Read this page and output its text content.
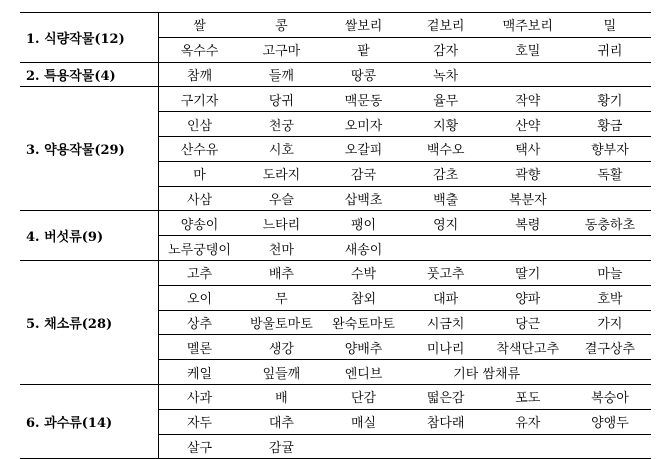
1. 식량작물(12)	쌀	콩	쌀보리	겉보리	맥주보리	밀
	옥수수	고구마	팥	감자	호밀	귀리
2. 특용작물(4)	참깨	들깨	땅콩	녹차		
3. 약용작물(29)	구기자	당귀	맥문동	율무	작약	황기
	인삼	천궁	오미자	지황	산약	황금
	산수유	시호	오갈피	백수오	택사	향부자
	마	도라지	감국	감초	곽향	독활
	사삼	우슬	삽백초	백출	복분자	
4. 버섯류(9)	양송이	느타리	팽이	영지	복령	동충하초
	노루궁뎅이	천마	새송이			
5. 채소류(28)	고추	배추	수박	풋고추	딸기	마늘
	오이	무	참외	대파	양파	호박
	상추	방울토마토	완숙토마토	시금치	당근	가지
	멜론	생강	양배추	미나리	착색단고추	결구상추
	케일	잎들깨	엔디브	기타 쌈채류		
6. 과수류(14)	사과	배	단감	떫은감	포도	복숭아
	자두	대추	매실	참다래	유자	양앵두
	살구	감귤				
